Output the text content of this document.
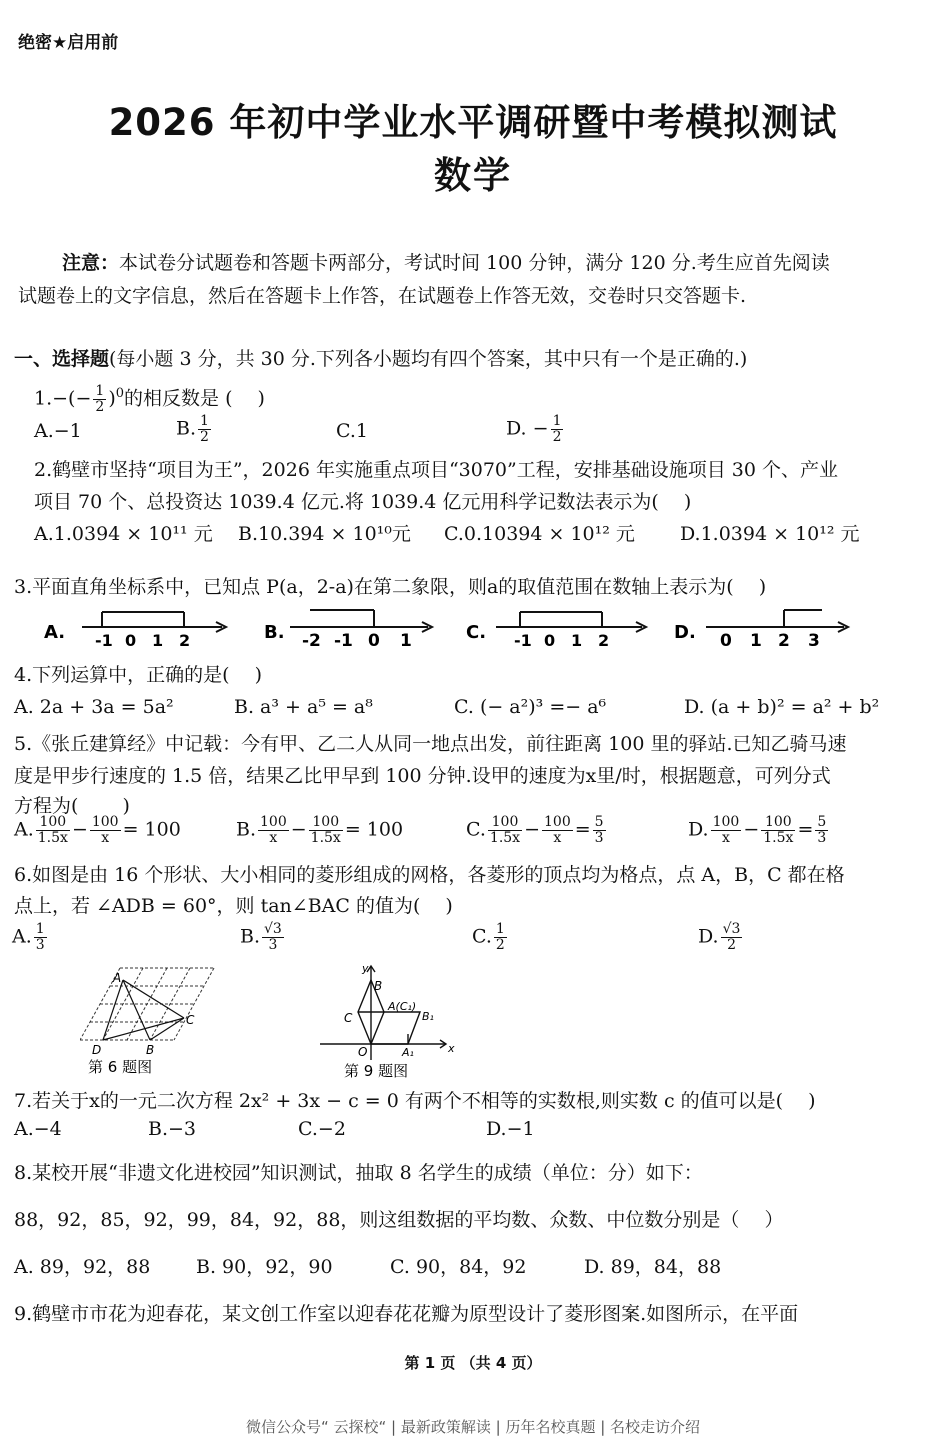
绝密★启用前
2026 年初中学业水平调研暨中考模拟测试
数学
注意：本试卷分试题卷和答题卡两部分，考试时间 100 分钟，满分 120 分.考生应首先阅读
试题卷上的文字信息，然后在答题卡上作答，在试题卷上作答无效，交卷时只交答题卡.
一、选择题(每小题 3 分，共 30 分.下列各小题均有四个答案，其中只有一个是正确的.)
$1.-(- \frac{1}{2} )^0$的相反数是 (　 )
A.−1	B. $\frac{1}{2}$	C.1	D. − $\frac{1}{2}$
2.鹤壁市坚持“项目为王”，2026 年实施重点项目“3070”工程，安排基础设施项目 30 个、产业
项目 70 个、总投资达 1039.4 亿元.将 1039.4 亿元用科学记数法表示为(　 )
A.1.0394 × 10¹¹ 元 B.10.394 × 10¹⁰元 C.0.10394 × 10¹² 元 D.1.0394 × 10¹² 元
3.平面直角坐标系中，已知点 P(a，2-a)在第二象限，则a的取值范围在数轴上表示为(　 )
A. -1 0 1 2	B. -2 -1 0 1	C. -1 0 1 2	D. 0 1 2 3
4.下列运算中，正确的是(　 )
A. 2a + 3a = 5a²	B. a³ + a⁵ = a⁸	C. (− a²)³ =− a⁶	D. (a + b)² = a² + b²
5.《张丘建算经》中记载：今有甲、乙二人从同一地点出发，前往距离 100 里的驿站.已知乙骑马速
度是甲步行速度的 1.5 倍，结果乙比甲早到 100 分钟.设甲的速度为x里/时，根据题意，可列分式
方程为(　　 )
A. $\frac{100}{1.5x} - \frac{100}{x} = 100$	B. $\frac{100}{x} - \frac{100}{1.5x} = 100$	C. $\frac{100}{1.5x} - \frac{100}{x} = \frac{5}{3}$	D. $\frac{100}{x} - \frac{100}{1.5x} = \frac{5}{3}$
6.如图是由 16 个形状、大小相同的菱形组成的网格，各菱形的顶点均为格点，点 A，B，C 都在格
点上，若 ∠ADB = 60°，则 tan∠BAC 的值为(　 )
A. $\frac{1}{3}$	B. $\frac{√3}{3}$	C. $\frac{1}{2}$	D. $\frac{√3}{2}$
A
C
D	B
第 6 题图
y
x
O
B
C
A(C₁)
B₁
A₁
第 9 题图
7.若关于x的一元二次方程 2x² + 3x − c = 0 有两个不相等的实数根,则实数 c 的值可以是(　 )
A.−4	B.−3	C.−2	D.−1
8.某校开展“非遗文化进校园”知识测试，抽取 8 名学生的成绩（单位：分）如下：
88，92，85，92，99，84，92，88，则这组数据的平均数、众数、中位数分别是（　 ）
A. 89，92，88 B. 90，92，90	C. 90，84，92	D. 89，84，88
9.鹤壁市市花为迎春花，某文创工作室以迎春花花瓣为原型设计了菱形图案.如图所示，在平面
第 1 页 （共 4 页）
微信公众号“ 云探校“ | 最新政策解读 | 历年名校真题 | 名校走访介绍
